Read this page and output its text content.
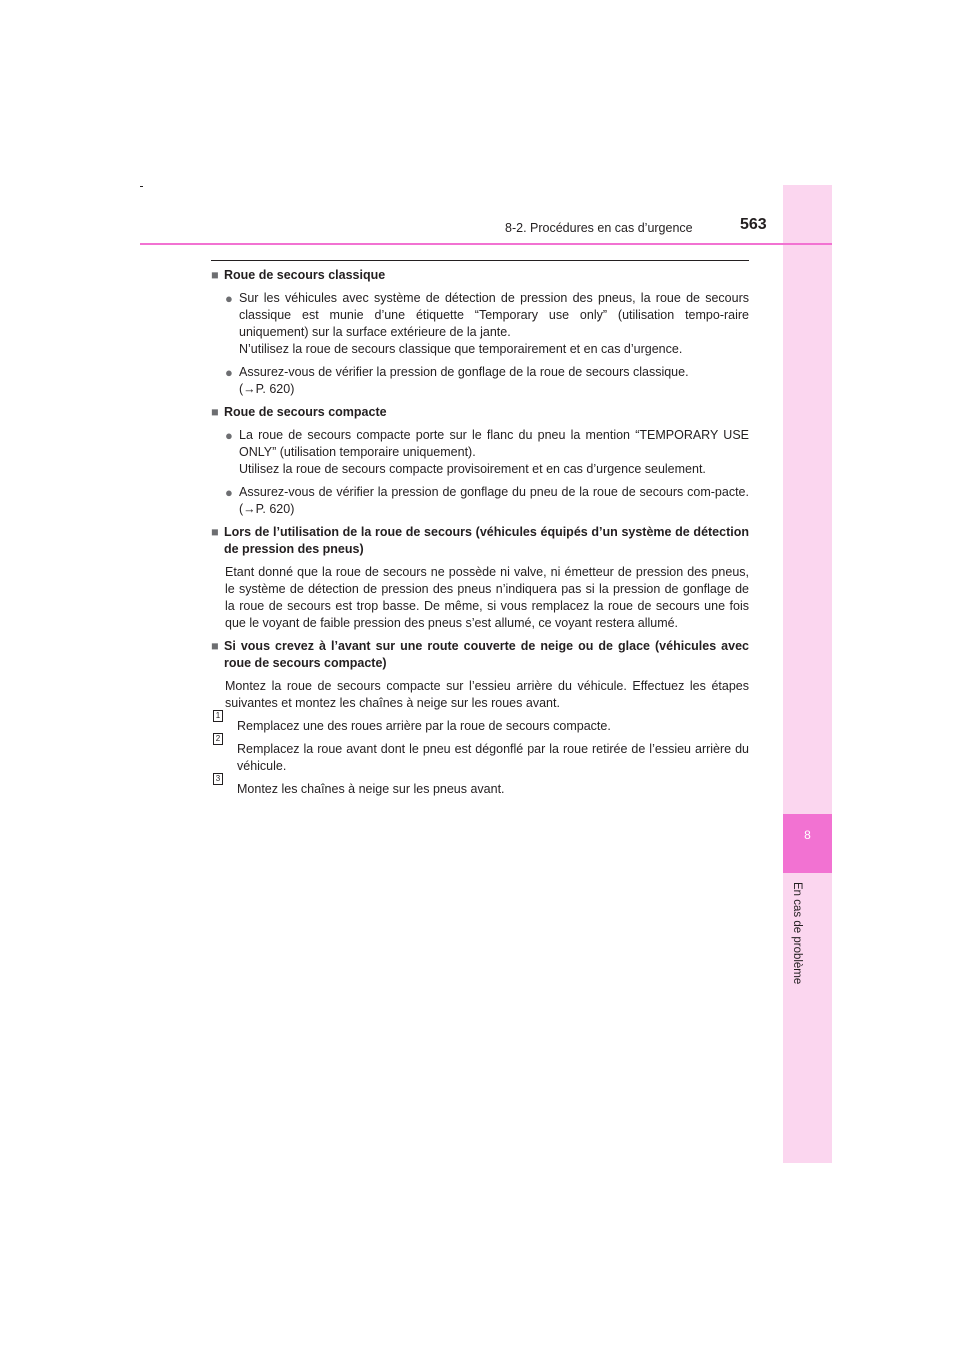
8
En cas de problème
8-2. Procédures en cas d’urgence	563
■ Roue de secours classique
● Sur les véhicules avec système de détection de pression des pneus, la roue de secours classique est munie d’une étiquette “Temporary use only” (utilisation tempo-raire uniquement) sur la surface extérieure de la jante.
N’utilisez la roue de secours classique que temporairement et en cas d’urgence.
● Assurez-vous de vérifier la pression de gonflage de la roue de secours classique.
(→P. 620)
■ Roue de secours compacte
● La roue de secours compacte porte sur le flanc du pneu la mention “TEMPORARY USE ONLY” (utilisation temporaire uniquement).
Utilisez la roue de secours compacte provisoirement et en cas d’urgence seulement.
● Assurez-vous de vérifier la pression de gonflage du pneu de la roue de secours com-pacte. (→P. 620)
■ Lors de l’utilisation de la roue de secours (véhicules équipés d’un système de détection de pression des pneus)
Etant donné que la roue de secours ne possède ni valve, ni émetteur de pression des pneus, le système de détection de pression des pneus n’indiquera pas si la pression de gonflage de la roue de secours est trop basse. De même, si vous remplacez la roue de secours une fois que le voyant de faible pression des pneus s’est allumé, ce voyant restera allumé.
■ Si vous crevez à l’avant sur une route couverte de neige ou de glace (véhicules avec roue de secours compacte)
Montez la roue de secours compacte sur l’essieu arrière du véhicule. Effectuez les étapes suivantes et montez les chaînes à neige sur les roues avant.
1
Remplacez une des roues arrière par la roue de secours compacte.
2
Remplacez la roue avant dont le pneu est dégonflé par la roue retirée de l’essieu arrière du véhicule.
3
Montez les chaînes à neige sur les pneus avant.
